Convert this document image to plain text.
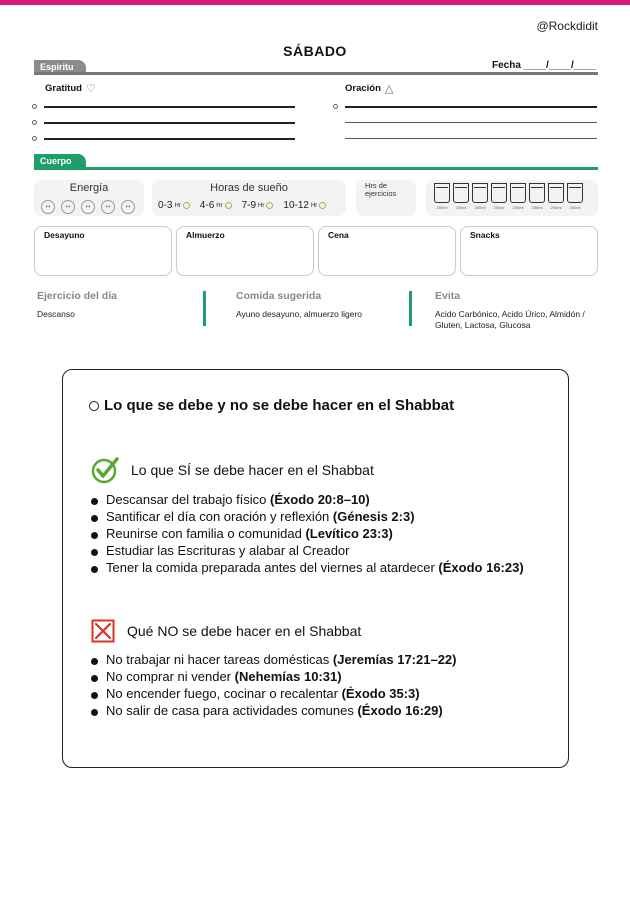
@Rockdidit
SÁBADO
Espiritu	Fecha ____/____/____
Gratitud ♡	Oración △
Cuerpo
Energía
••	••	••	••	••
Horas de sueño
0-3 Hr 4-6 Hr 7-9 Hr 10-12 Hr
Hrs de ejercicios
250ml 250ml 250ml 250ml 250ml 250ml 250ml 250ml
Desayuno	Almuerzo	Cena	Snacks
Ejercicio del día
Descanso
Comida sugerida
Ayuno desayuno, almuerzo ligero
Evita
Acido Carbónico, Acido Úrico, Almidón / Gluten, Lactosa, Glucosa
Lo que se debe y no se debe hacer en el Shabbat
Lo que SÍ se debe hacer en el Shabbat
Descansar del trabajo físico (Éxodo 20:8–10)
Santificar el día con oración y reflexión (Génesis 2:3)
Reunirse con familia o comunidad (Levítico 23:3)
Estudiar las Escrituras y alabar al Creador
Tener la comida preparada antes del viernes al atardecer (Éxodo 16:23)
Qué NO se debe hacer en el Shabbat
No trabajar ni hacer tareas domésticas (Jeremías 17:21–22)
No comprar ni vender (Nehemías 10:31)
No encender fuego, cocinar o recalentar (Éxodo 35:3)
No salir de casa para actividades comunes (Éxodo 16:29)
